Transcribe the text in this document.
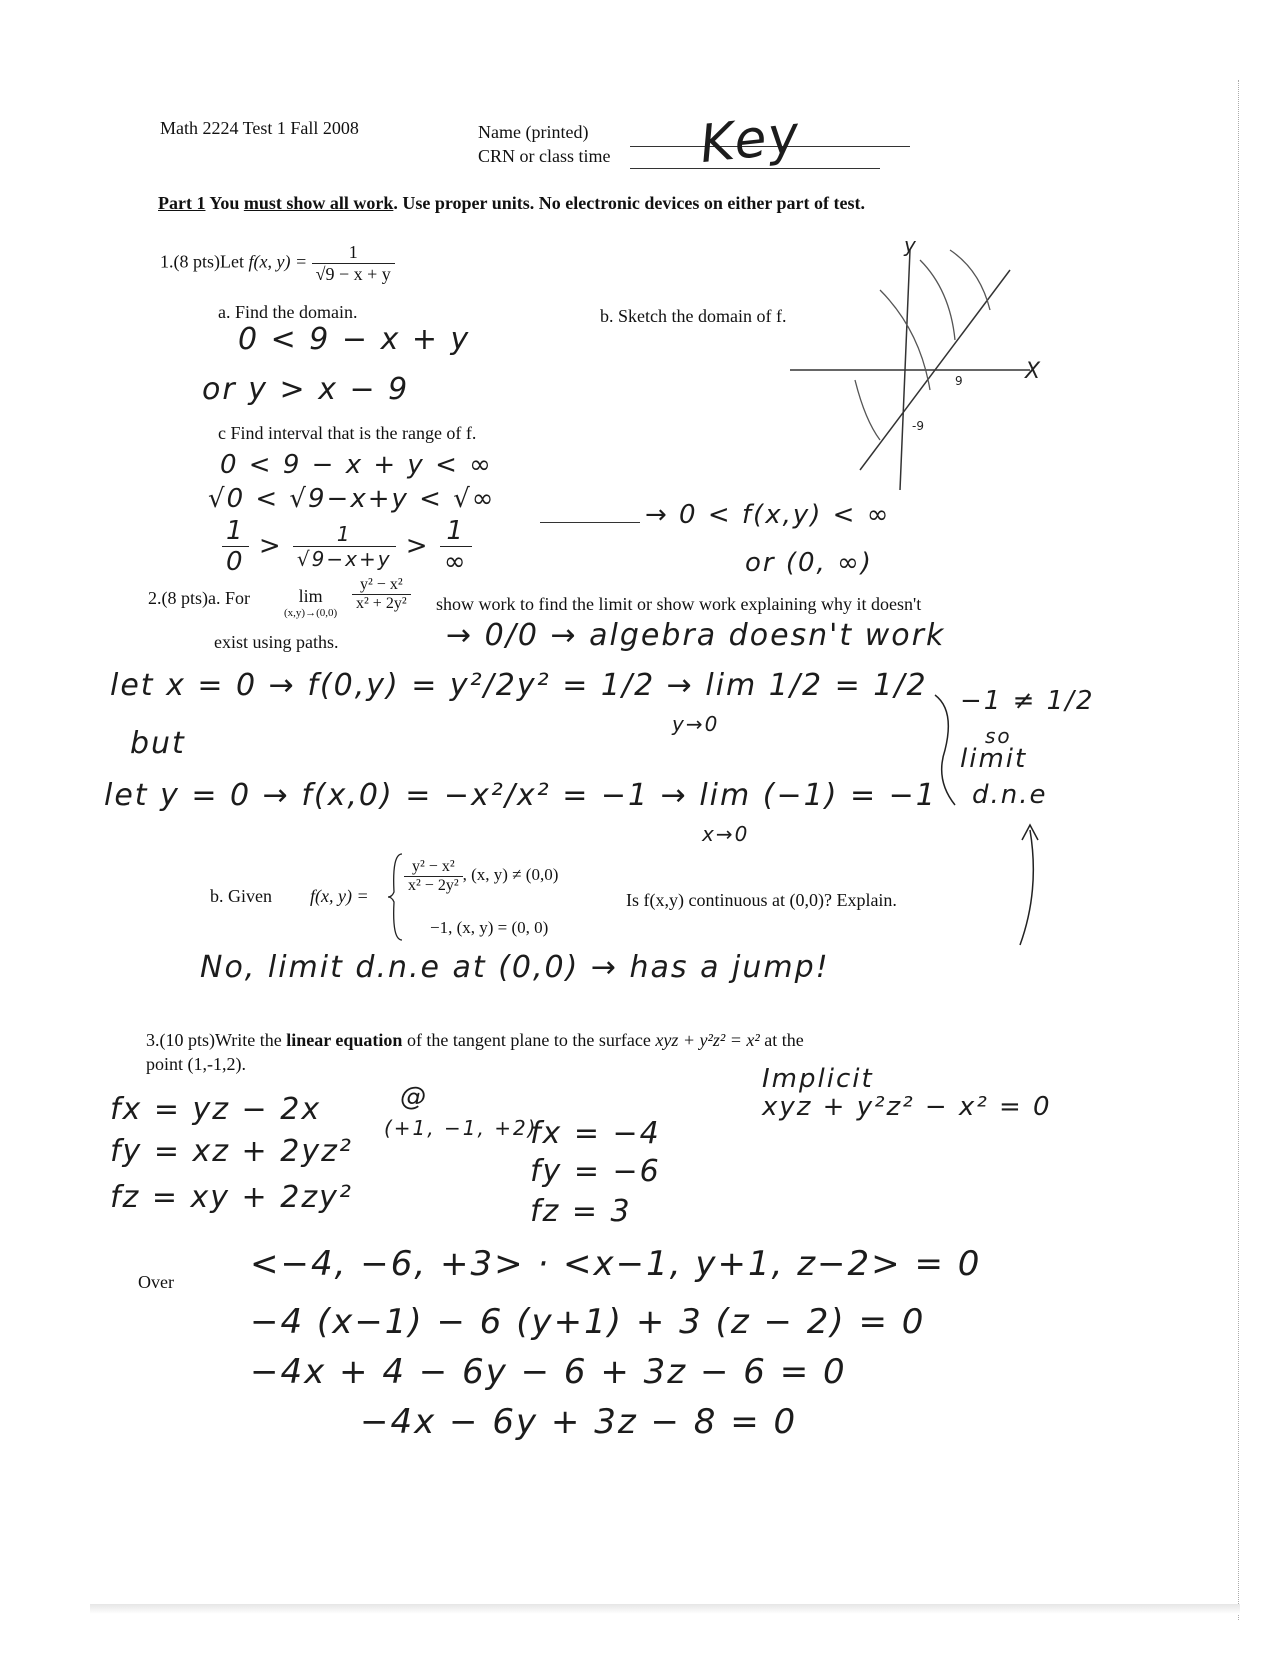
Math 2224 Test 1 Fall 2008	Name (printed)
CRN or class time Key
Part 1 You must show all work. Use proper units. No electronic devices on either part of test.
1.(8 pts)Let f(x, $y) = \frac{1}{√9 - x + y}$
a. Find the domain.	b. Sketch the domain of f.
0 < 9 − x + y
or y > x − 9
y
X
9
-9
c Find interval that is the range of f.
0 < 9 − x + y < ∞
√0 < √9−x+y < √∞
$\frac{1}{0} > \frac{1}{√9-x+y} > \frac{1}{\infty}$
→ 0 < f(x,y) < ∞
or (0, ∞)
2.(8 pts)a. For	lim
$(x,y)\to(0,0) \frac{\text{y² − x²}}{\text{x² + 2y²}}$ show work to find the limit or show work explaining why it doesn't
exist using paths.	→ 0/0 → algebra doesn't work
let x = 0 → f(0,y) = y²/2y² = 1/2 → lim 1/2 = 1/2
y→0
but
let y = 0 → f(x,0) = −x²/x² = −1 → lim (−1) = −1
x→0
−1 ≠ 1/2
so
limit
d.n.e
b. Given f(x, y) =
$\frac{\text{y² − x²}}{\text{x² − 2y²}}$ , (x, y) ≠ (0,0)
−1, (x, y) = (0, 0)
Is f(x,y) continuous at (0,0)? Explain.
No, limit d.n.e at (0,0) → has a jump!
3.(10 pts)Write the linear equation of the tangent plane to the surface xyz + y²z² = x² at the
point (1,-1,2).
fx = yz − 2x
fy = xz + 2yz²
fz = xy + 2zy²
@
(+1, −1, +2)
fx = −4
fy = −6
fz = 3
Implicit
xyz + y²z² − x² = 0
Over <−4, −6, +3> · <x−1, y+1, z−2> = 0
−4 (x−1) − 6 (y+1) + 3 (z − 2) = 0
−4x + 4 − 6y − 6 + 3z − 6 = 0
−4x − 6y + 3z − 8 = 0
